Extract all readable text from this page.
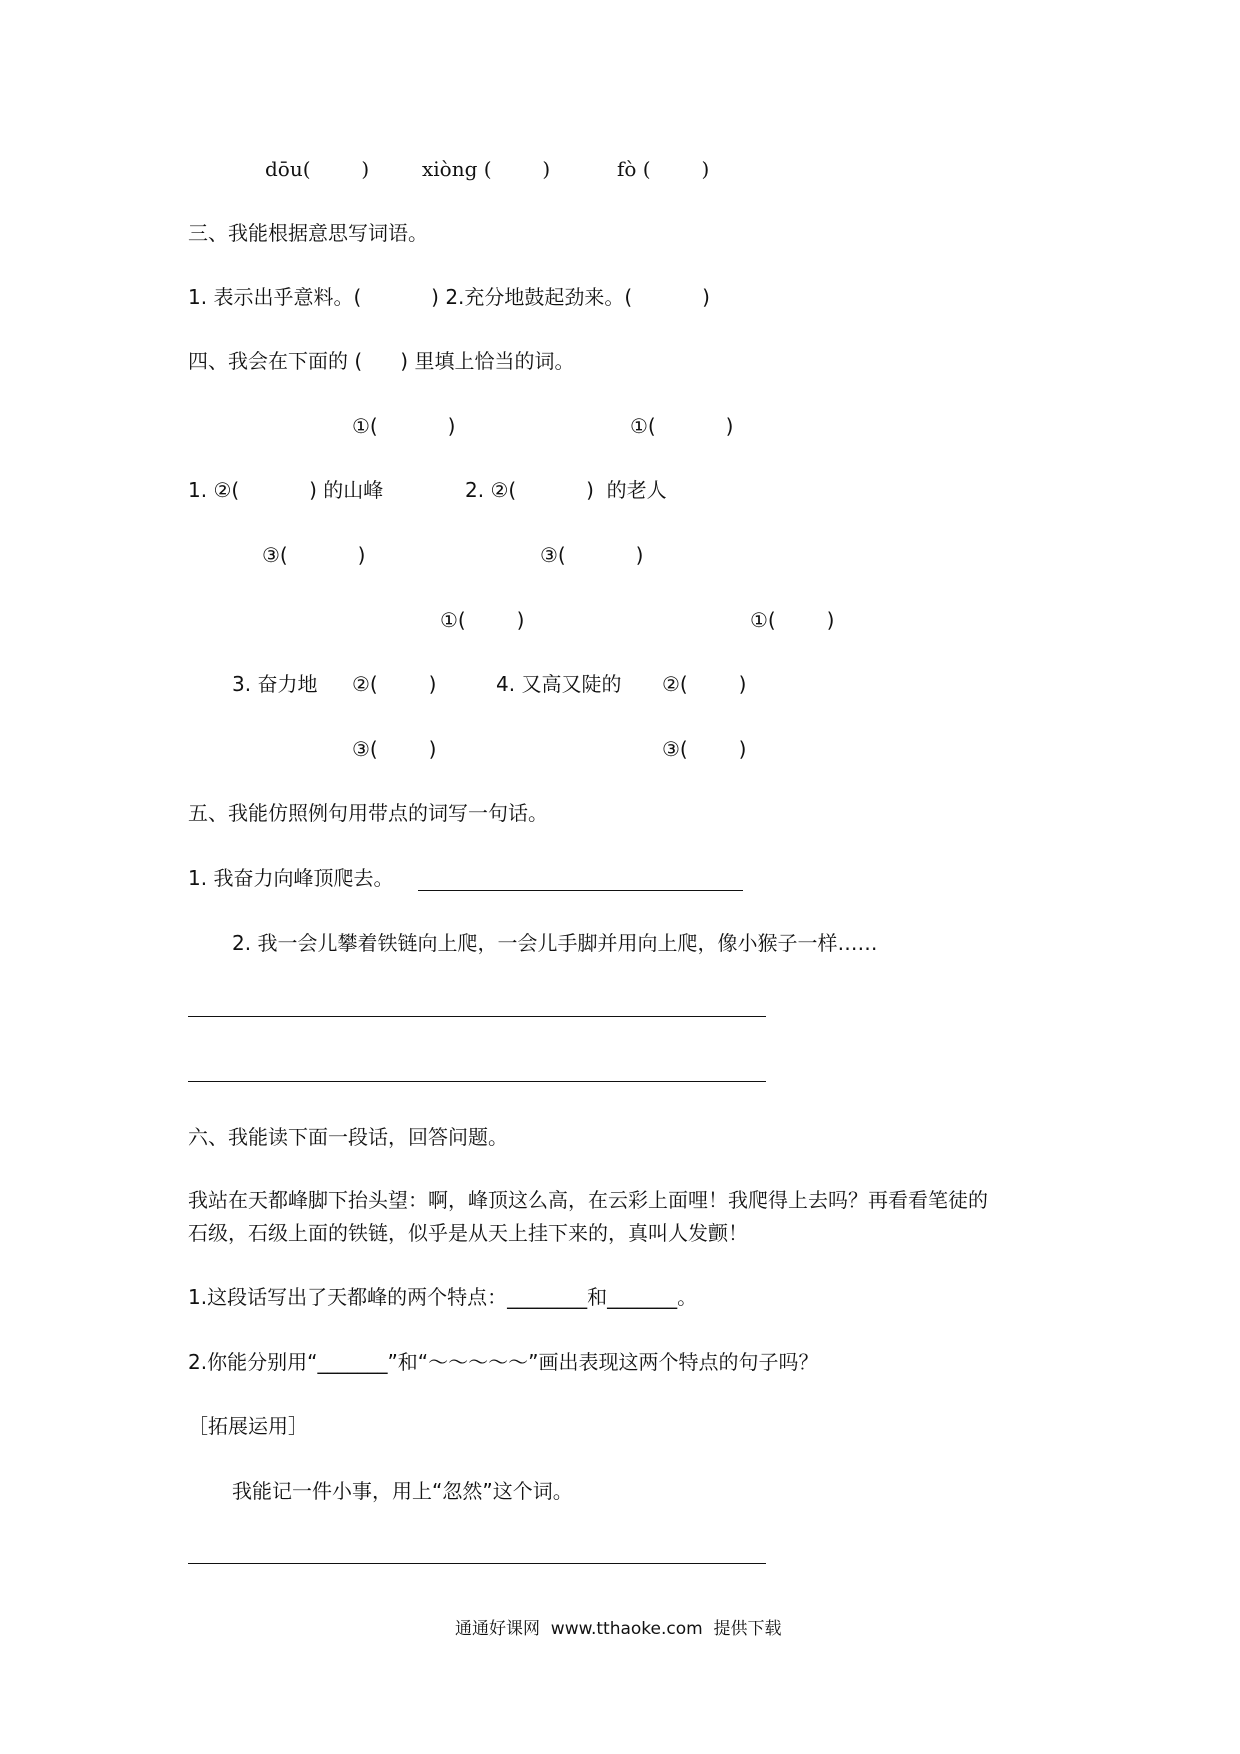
dōu(        )	xiòng (        )	fò (        )
三、我能根据意思写词语。
1. 表示出乎意料。(           ) 2.充分地鼓起劲来。(           )
四、我会在下面的 (      ) 里填上恰当的词。
①(           )	①(           )
1. ②(           ) 的山峰	2. ②(           )  的老人
③(           )	③(           )
①(        )	①(        )
3. 奋力地 ②(        )	4. 又高又陡的 ②(        )
③(        )	③(        )
五、我能仿照例句用带点的词写一句话。
1. 我奋力向峰顶爬去。
2. 我一会儿攀着铁链向上爬，一会儿手脚并用向上爬，像小猴子一样……
六、我能读下面一段话，回答问题。
我站在天都峰脚下抬头望：啊，峰顶这么高，在云彩上面哩！我爬得上去吗？再看看笔徒的
石级，石级上面的铁链，似乎是从天上挂下来的，真叫人发颤！
1.这段话写出了天都峰的两个特点：________和_______。
2.你能分别用“_______”和“～～～～～”画出表现这两个特点的句子吗？
［拓展运用］
我能记一件小事，用上“忽然”这个词。
通通好课网  www.tthaoke.com  提供下载
